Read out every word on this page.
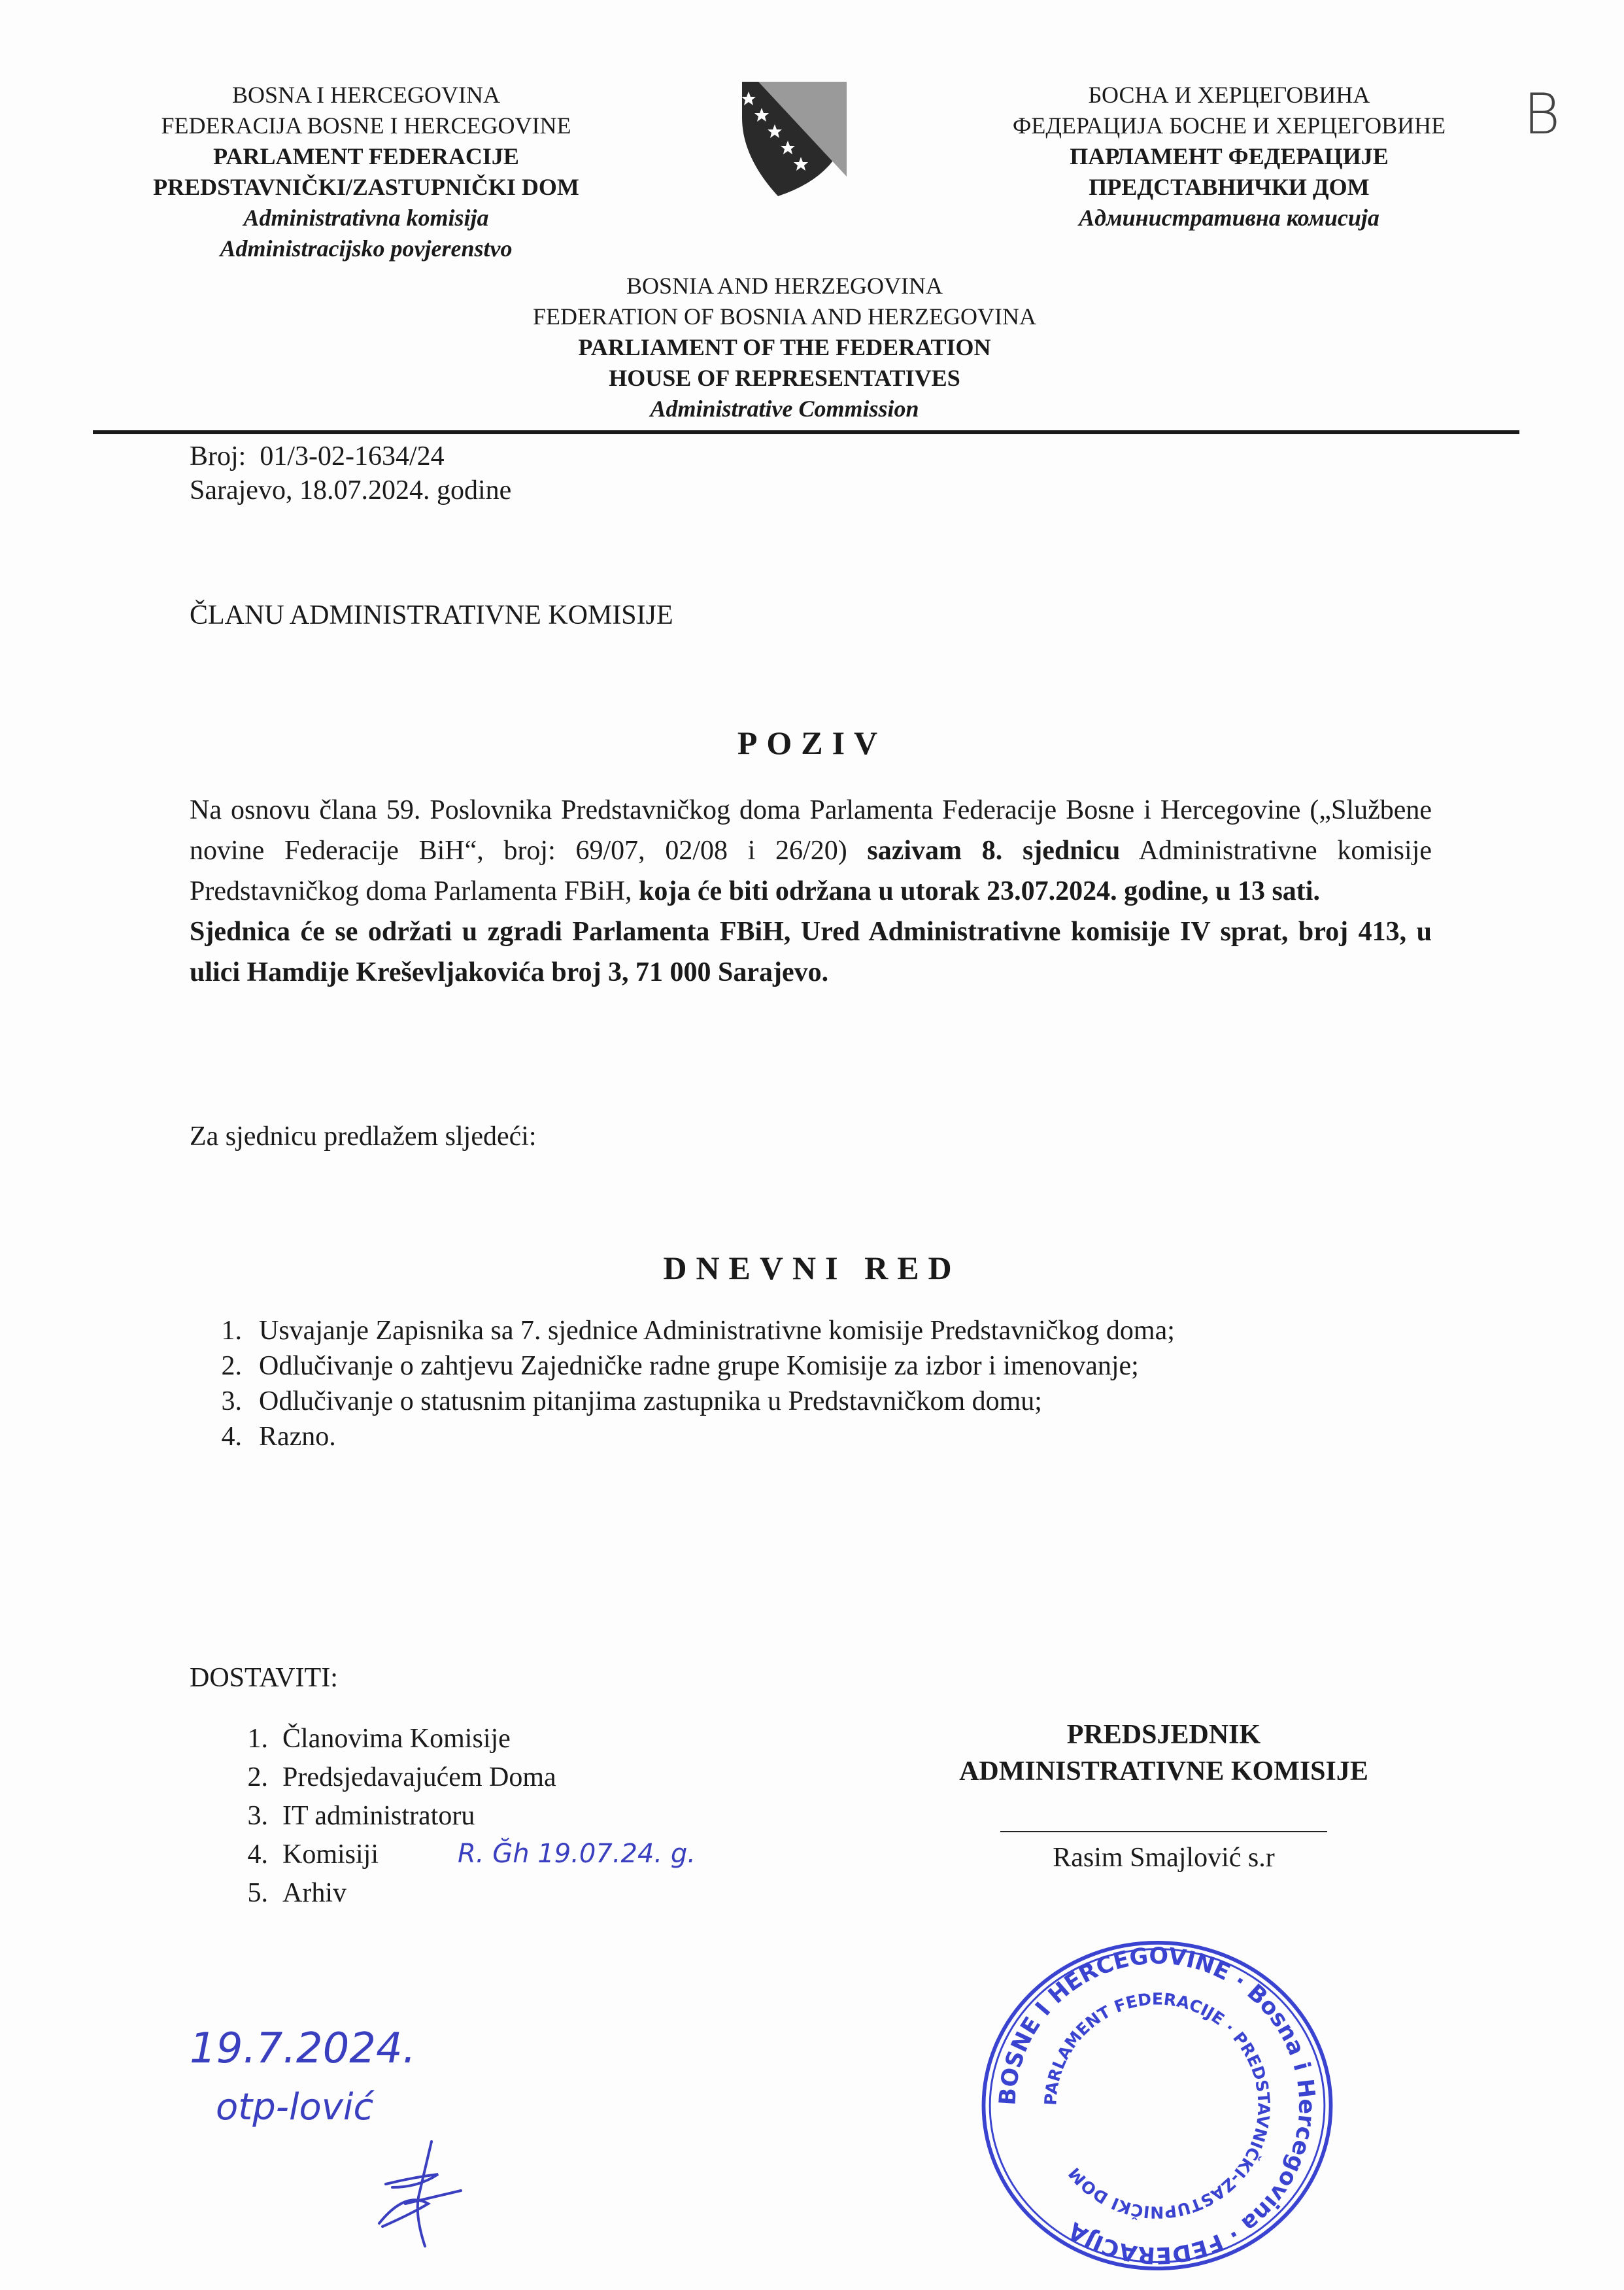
BOSNA I HERCEGOVINA
FEDERACIJA BOSNE I HERCEGOVINE
PARLAMENT FEDERACIJE
PREDSTAVNIČKI/ZASTUPNIČKI DOM
Administrativna komisija
Administracijsko povjerenstvo
БОСНА И ХЕРЦЕГОВИНА
ФЕДЕРАЦИЈА БОСНЕ И ХЕРЦЕГОВИНЕ
ПАРЛАМЕНТ ФЕДЕРАЦИЈЕ
ПРЕДСТАВНИЧКИ ДОМ
Административна комисија
B
BOSNIA AND HERZEGOVINA
FEDERATION OF BOSNIA AND HERZEGOVINA
PARLIAMENT OF THE FEDERATION
HOUSE OF REPRESENTATIVES
Administrative Commission
Broj:  01/3-02-1634/24
Sarajevo, 18.07.2024. godine
ČLANU ADMINISTRATIVNE KOMISIJE
POZIV
Na osnovu člana 59. Poslovnika Predstavničkog doma Parlamenta Federacije Bosne i Hercegovine („Službene novine Federacije BiH“, broj: 69/07, 02/08 i 26/20) sazivam 8. sjednicu Administrativne komisije Predstavničkog doma Parlamenta FBiH, koja će biti održana u utorak 23.07.2024. godine, u 13 sati.
Sjednica će se održati u zgradi Parlamenta FBiH, Ured Administrativne komisije IV sprat, broj 413, u ulici Hamdije Kreševljakovića broj 3, 71 000 Sarajevo.
Za sjednicu predlažem sljedeći:
DNEVNI RED
1. Usvajanje Zapisnika sa 7. sjednice Administrativne komisije Predstavničkog doma;
2. Odlučivanje o zahtjevu Zajedničke radne grupe Komisije za izbor i imenovanje;
3. Odlučivanje o statusnim pitanjima zastupnika u Predstavničkom domu;
4. Razno.
DOSTAVITI:
1. Članovima Komisije
2. Predsjedavajućem Doma
3. IT administratoru
4. Komisiji
5. Arhiv
R. Ğh 19.07.24. g.
PREDSJEDNIK
ADMINISTRATIVNE KOMISIJE
Rasim Smajlović s.r
BOSNE I HERCEGOVINE · Bosna i Hercegovina · FEDERACIJA
PARLAMENT FEDERACIJE · PREDSTAVNIČKI-ZASTUPNIČKI DOM
19.7.2024.
otp-lović
